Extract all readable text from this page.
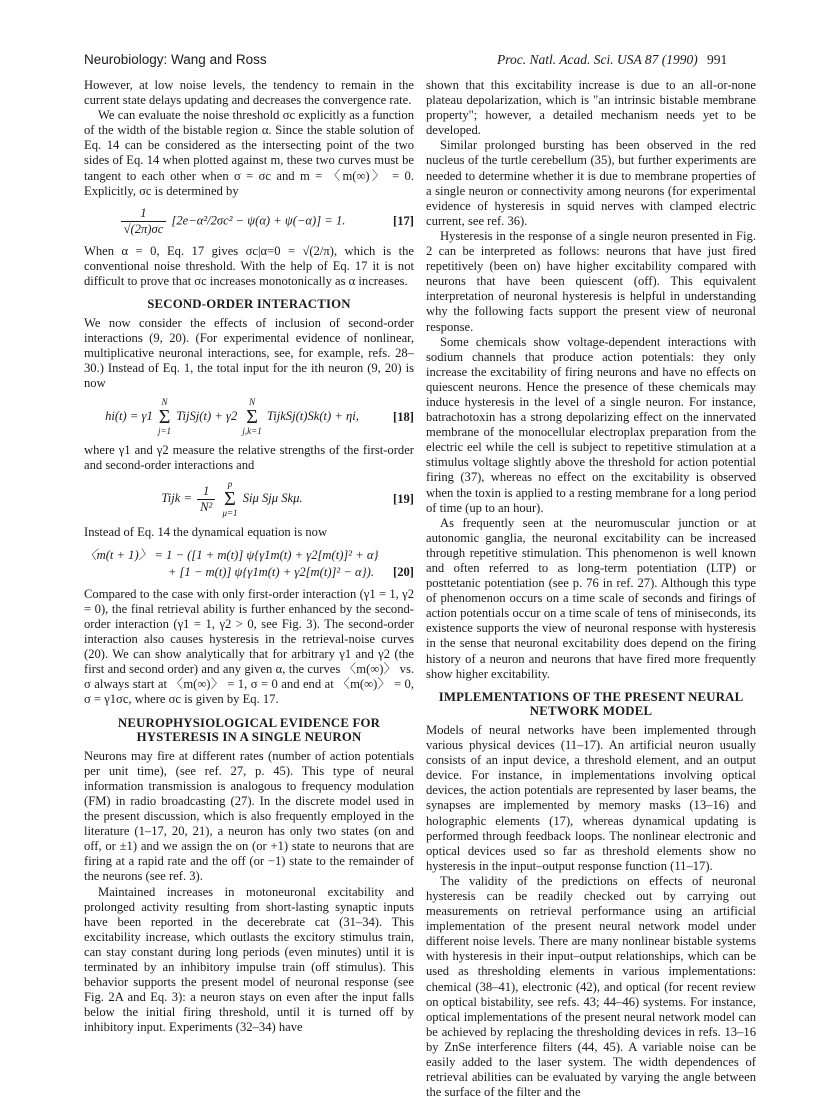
Neurobiology: Wang and Ross	Proc. Natl. Acad. Sci. USA 87 (1990) 991

However, at low noise levels, the tendency to remain in the current state delays updating and decreases the convergence rate.

We can evaluate the noise threshold σc explicitly as a function of the width of the bistable region α. Since the stable solution of Eq. 14 can be considered as the intersecting point of the two sides of Eq. 14 when plotted against m, these two curves must be tangent to each other when σ = σc and m = 〈m(∞)〉 = 0. Explicitly, σc is determined by

$\frac{1}{√(2\pi)\sigma c} [2e-\alpha^2/2\sigma c^2 - \psi(\alpha) + \psi(-\alpha)] = 1$.	[17]

When α = 0, Eq. 17 gives σc|α=0 = √(2/π), which is the conventional noise threshold. With the help of Eq. 17 it is not difficult to prove that σc increases monotonically as α increases.

SECOND-ORDER INTERACTION

We now consider the effects of inclusion of second-order interactions (9, 20). (For experimental evidence of nonlinear, multiplicative neuronal interactions, see, for example, refs. 28–30.) Instead of Eq. 1, the total input for the ith neuron (9, 20) is now

hi(t) = γ1 N
Σ
j=1 TijSj(t) + γ2 N
Σ
j,k=1 TijkSj(t)Sk(t) + ηi,	[18]

where γ1 and γ2 measure the relative strengths of the first-order and second-order interactions and

Tijk = $\frac{1}{\text{N²}}$ p
Σ
μ=1 Siμ Sjμ Skμ.	[19]

Instead of Eq. 14 the dynamical equation is now

〈m(t + 1)〉 = 1 − ([1 + m(t)] ψ{γ1m(t) + γ2[m(t)]² + α}
+ [1 − m(t)] ψ{γ1m(t) + γ2[m(t)]² − α}).	[20]

Compared to the case with only first-order interaction (γ1 = 1, γ2 = 0), the final retrieval ability is further enhanced by the second-order interaction (γ1 = 1, γ2 > 0, see Fig. 3). The second-order interaction also causes hysteresis in the retrieval-noise curves (20). We can show analytically that for arbitrary γ1 and γ2 (the first and second order) and any given α, the curves 〈m(∞)〉 vs. σ always start at 〈m(∞)〉 = 1, σ = 0 and end at 〈m(∞)〉 = 0, σ = γ1σc, where σc is given by Eq. 17.

NEUROPHYSIOLOGICAL EVIDENCE FOR HYSTERESIS IN A SINGLE NEURON

Neurons may fire at different rates (number of action potentials per unit time), (see ref. 27, p. 45). This type of neural information transmission is analogous to frequency modulation (FM) in radio broadcasting (27). In the discrete model used in the present discussion, which is also frequently employed in the literature (1–17, 20, 21), a neuron has only two states (on and off, or ±1) and we assign the on (or +1) state to neurons that are firing at a rapid rate and the off (or −1) state to the remainder of the neurons (see ref. 3).

Maintained increases in motoneuronal excitability and prolonged activity resulting from short-lasting synaptic inputs have been reported in the decerebrate cat (31–34). This excitability increase, which outlasts the excitory stimulus train, can stay constant during long periods (even minutes) until it is terminated by an inhibitory impulse train (off stimulus). This behavior supports the present model of neuronal response (see Fig. 2A and Eq. 3): a neuron stays on even after the input falls below the initial firing threshold, until it is turned off by inhibitory input. Experiments (32–34) have

shown that this excitability increase is due to an all-or-none plateau depolarization, which is "an intrinsic bistable membrane property"; however, a detailed mechanism needs yet to be developed.

Similar prolonged bursting has been observed in the red nucleus of the turtle cerebellum (35), but further experiments are needed to determine whether it is due to membrane properties of a single neuron or connectivity among neurons (for experimental evidence of hysteresis in squid nerves with clamped electric current, see ref. 36).

Hysteresis in the response of a single neuron presented in Fig. 2 can be interpreted as follows: neurons that have just fired repetitively (been on) have higher excitability compared with neurons that have been quiescent (off). This equivalent interpretation of neuronal hysteresis is helpful in understanding why the following facts support the present view of neuronal response.

Some chemicals show voltage-dependent interactions with sodium channels that produce action potentials: they only increase the excitability of firing neurons and have no effects on quiescent neurons. Hence the presence of these chemicals may induce hysteresis in the level of a single neuron. For instance, batrachotoxin has a strong depolarizing effect on the innervated membrane of the monocellular electroplax preparation from the electric eel while the cell is subject to repetitive stimulation at a stimulus voltage slightly above the threshold for action potential firing (37), whereas no effect on the excitability is observed when the toxin is applied to a resting membrane for a long period of time (up to an hour).

As frequently seen at the neuromuscular junction or at autonomic ganglia, the neuronal excitability can be increased through repetitive stimulation. This phenomenon is well known and often referred to as long-term potentiation (LTP) or posttetanic potentiation (see p. 76 in ref. 27). Although this type of phenomenon occurs on a time scale of seconds and firings of action potentials occur on a time scale of tens of miniseconds, its existence supports the view of neuronal response with hysteresis in the sense that neuronal excitability does depend on the firing history of a neuron and neurons that have fired more frequently show higher excitability.

IMPLEMENTATIONS OF THE PRESENT NEURAL NETWORK MODEL

Models of neural networks have been implemented through various physical devices (11–17). An artificial neuron usually consists of an input device, a threshold element, and an output device. For instance, in implementations involving optical devices, the action potentials are represented by laser beams, the synapses are implemented by memory masks (13–16) and holographic elements (17), whereas dynamical updating is performed through feedback loops. The nonlinear electronic and optical devices used so far as threshold elements show no hysteresis in the input–output response function (11–17).

The validity of the predictions on effects of neuronal hysteresis can be readily checked out by carrying out measurements on retrieval performance using an artificial implementation of the present neural network model under different noise levels. There are many nonlinear bistable systems with hysteresis in their input–output relationships, which can be used as thresholding elements in various implementations: chemical (38–41), electronic (42), and optical (for recent review on optical bistability, see refs. 43; 44–46) systems. For instance, optical implementations of the present neural network model can be achieved by replacing the thresholding devices in refs. 13–16 by ZnSe interference filters (44, 45). A variable noise can be easily added to the laser system. The width dependences of retrieval abilities can be evaluated by varying the angle between the surface of the filter and the
